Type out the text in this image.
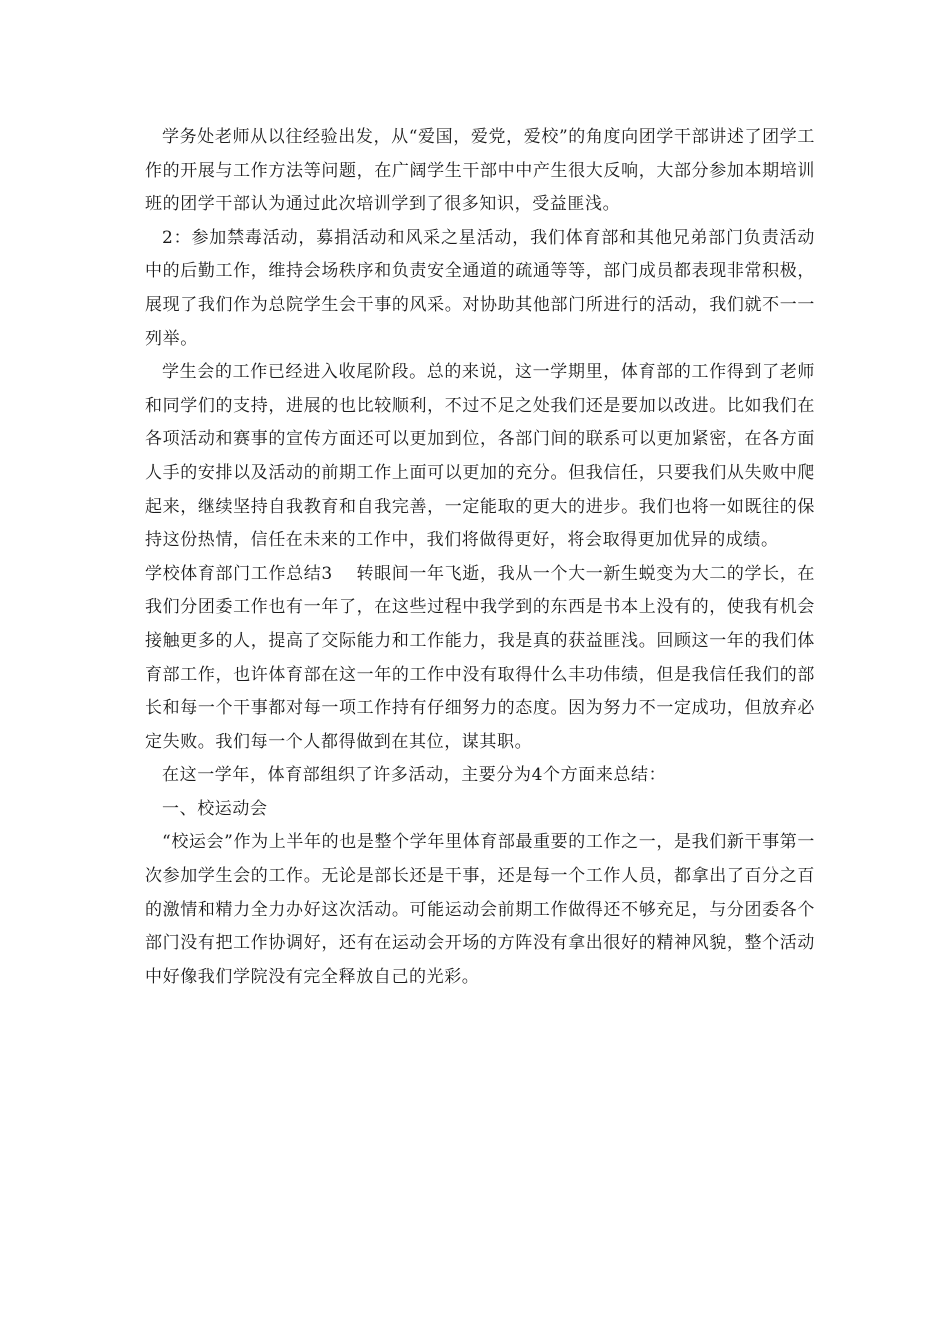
学务处老师从以往经验出发，从“爱国，爱党，爱校”的角度向团学干部讲述了团学工作的开展与工作方法等问题，在广阔学生干部中中产生很大反响，大部分参加本期培训班的团学干部认为通过此次培训学到了很多知识，受益匪浅。

2：参加禁毒活动，募捐活动和风采之星活动，我们体育部和其他兄弟部门负责活动中的后勤工作，维持会场秩序和负责安全通道的疏通等等，部门成员都表现非常积极，展现了我们作为总院学生会干事的风采。对协助其他部门所进行的活动，我们就不一一列举。

学生会的工作已经进入收尾阶段。总的来说，这一学期里，体育部的工作得到了老师和同学们的支持，进展的也比较顺利，不过不足之处我们还是要加以改进。比如我们在各项活动和赛事的宣传方面还可以更加到位，各部门间的联系可以更加紧密，在各方面人手的安排以及活动的前期工作上面可以更加的充分。但我信任，只要我们从失败中爬起来，继续坚持自我教育和自我完善，一定能取的更大的进步。我们也将一如既往的保持这份热情，信任在未来的工作中，我们将做得更好，将会取得更加优异的成绩。

学校体育部门工作总结3　 转眼间一年飞逝，我从一个大一新生蜕变为大二的学长，在我们分团委工作也有一年了，在这些过程中我学到的东西是书本上没有的，使我有机会接触更多的人，提高了交际能力和工作能力，我是真的获益匪浅。回顾这一年的我们体育部工作，也许体育部在这一年的工作中没有取得什么丰功伟绩，但是我信任我们的部长和每一个干事都对每一项工作持有仔细努力的态度。因为努力不一定成功，但放弃必定失败。我们每一个人都得做到在其位，谋其职。

在这一学年，体育部组织了许多活动，主要分为4个方面来总结：

一、校运动会

“校运会”作为上半年的也是整个学年里体育部最重要的工作之一，是我们新干事第一次参加学生会的工作。无论是部长还是干事，还是每一个工作人员，都拿出了百分之百的激情和精力全力办好这次活动。可能运动会前期工作做得还不够充足，与分团委各个部门没有把工作协调好，还有在运动会开场的方阵没有拿出很好的精神风貌，整个活动中好像我们学院没有完全释放自己的光彩。
